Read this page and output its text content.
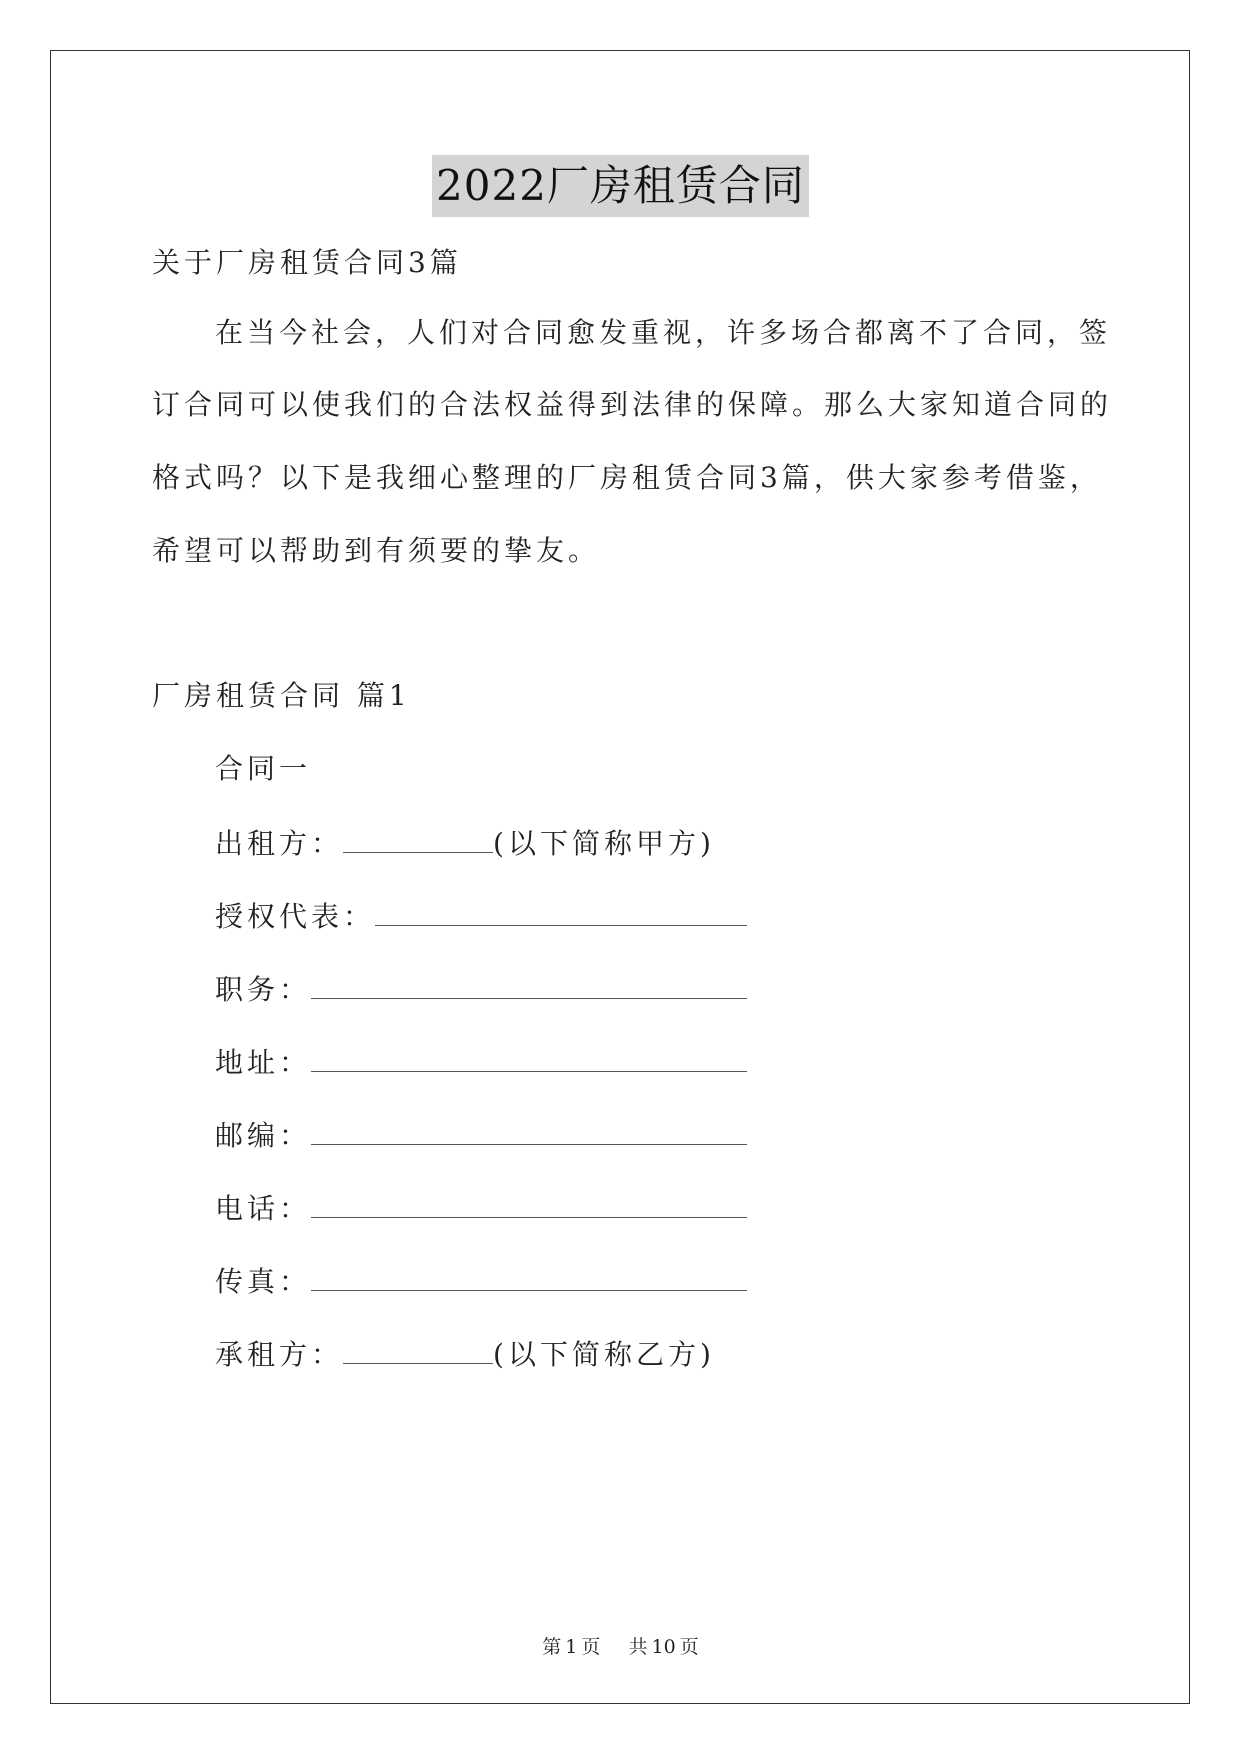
2022厂房租赁合同
关于厂房租赁合同3篇
在当今社会，人们对合同愈发重视，许多场合都离不了合同，签
订合同可以使我们的合法权益得到法律的保障。那么大家知道合同的
格式吗？以下是我细心整理的厂房租赁合同3篇，供大家参考借鉴，
希望可以帮助到有须要的挚友。
厂房租赁合同 篇1
合同一
出租方：	(以下简称甲方)
授权代表：
职务：
地址：
邮编：
电话：
传真：
承租方：	(以下简称乙方)
第 1 页 共 10 页
